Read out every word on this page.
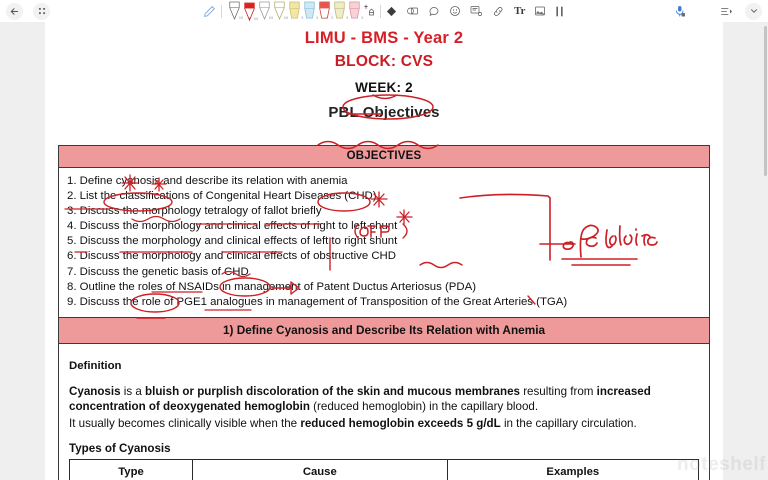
0.5	0.5	0.5	0.5	5	5	5	5	5
Tr
LIMU - BMS - Year 2
BLOCK: CVS
WEEK: 2
PBL Objectives
OBJECTIVES
1. Define cyanosis and describe its relation with anemia
2. List the classifications of Congenital Heart Diseases (CHD)
3. Discuss the morphology tetralogy of fallot briefly
4. Discuss the morphology and clinical effects of right to left shunt
5. Discuss the morphology and clinical effects of left to right shunt
6. Discuss the morphology and clinical effects of obstructive CHD
7. Discuss the genetic basis of CHD
8. Outline the roles of NSAIDs in management of Patent Ductus Arteriosus (PDA)
9. Discuss the role of PGE1 analogues in management of Transposition of the Great Arteries (TGA)
1) Define Cyanosis and Describe Its Relation with Anemia
Definition

Cyanosis is a bluish or purplish discoloration of the skin and mucous membranes resulting from increased concentration of deoxygenated hemoglobin (reduced hemoglobin) in the capillary blood.

It usually becomes clinically visible when the reduced hemoglobin exceeds 5 g/dL in the capillary circulation.

Types of Cyanosis
Type	Cause	Examples	noteshelf
